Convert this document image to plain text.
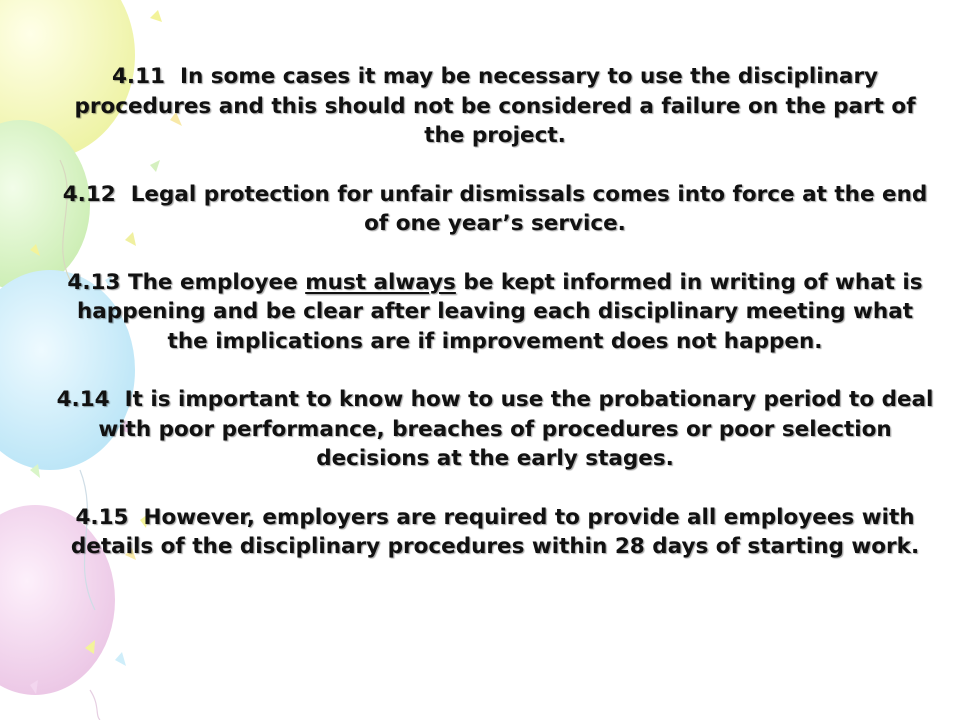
4.11 In some cases it may be necessary to use the disciplinary procedures and this should not be considered a failure on the part of the project.

4.12 Legal protection for unfair dismissals comes into force at the end of one year’s service.

4.13 The employee must always be kept informed in writing of what is happening and be clear after leaving each disciplinary meeting what the implications are if improvement does not happen.

4.14 It is important to know how to use the probationary period to deal with poor performance, breaches of procedures or poor selection decisions at the early stages.

4.15 However, employers are required to provide all employees with details of the disciplinary procedures within 28 days of starting work.
